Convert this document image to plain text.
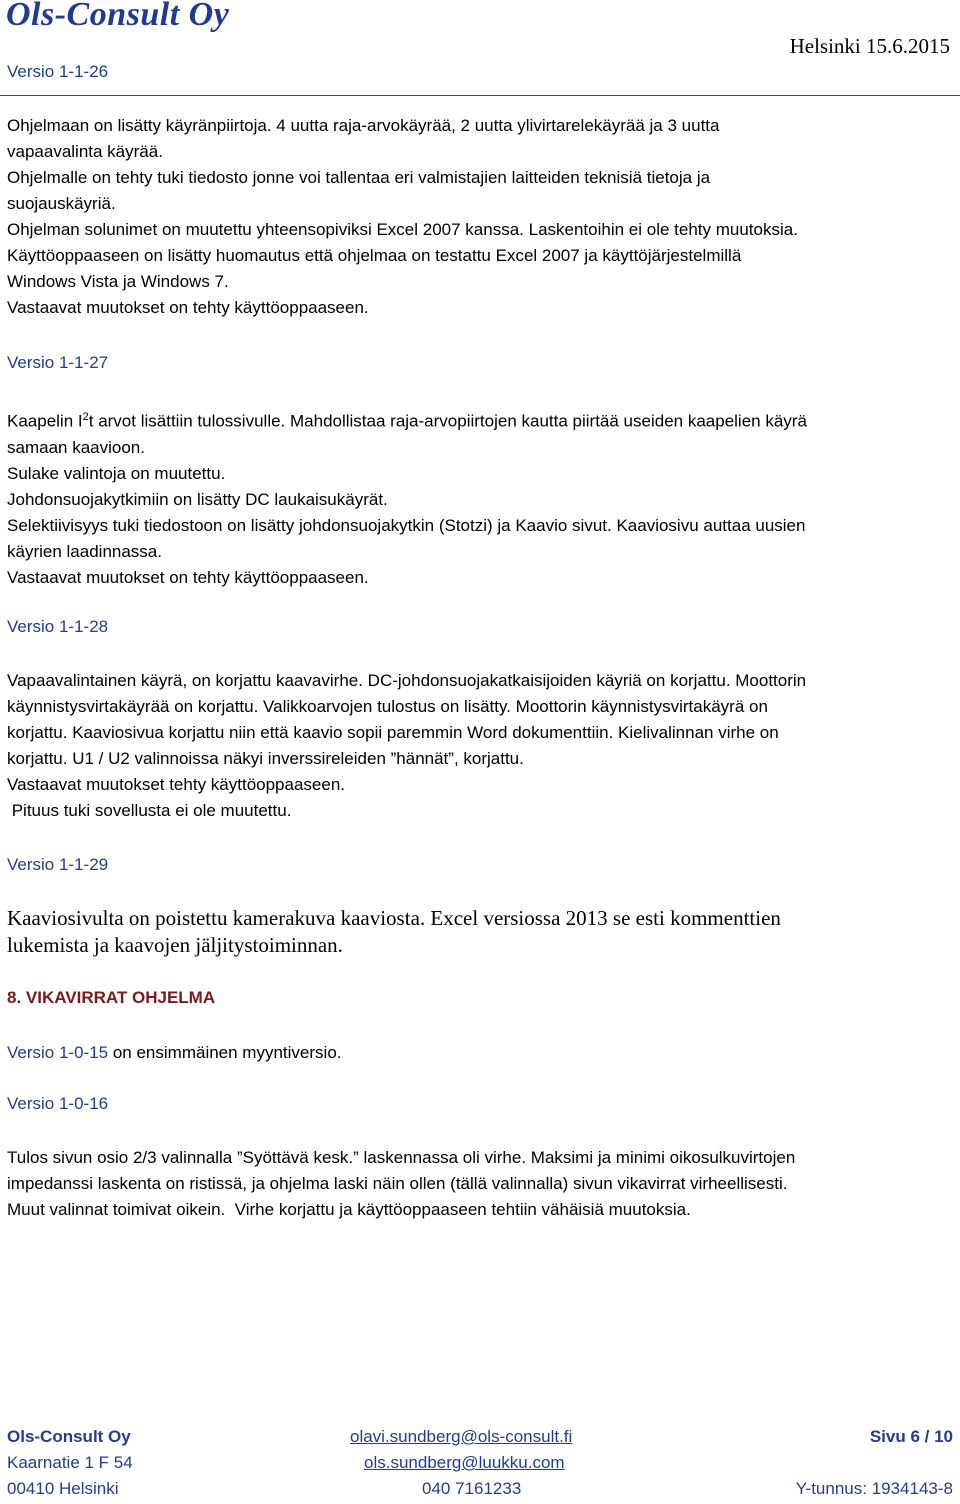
Ols-Consult Oy
Helsinki 15.6.2015
Versio 1-1-26
Ohjelmaan on lisätty käyränpiirtoja. 4 uutta raja-arvokäyrää, 2 uutta ylivirtarelekäyrää ja 3 uutta
vapaavalinta käyrää.
Ohjelmalle on tehty tuki tiedosto jonne voi tallentaa eri valmistajien laitteiden teknisiä tietoja ja
suojauskäyriä.
Ohjelman solunimet on muutettu yhteensopiviksi Excel 2007 kanssa. Laskentoihin ei ole tehty muutoksia.
Käyttöoppaaseen on lisätty huomautus että ohjelmaa on testattu Excel 2007 ja käyttöjärjestelmillä
Windows Vista ja Windows 7.
Vastaavat muutokset on tehty käyttöoppaaseen.
Versio 1-1-27
Kaapelin $I^2t$ arvot lisättiin tulossivulle. Mahdollistaa raja-arvopiirtojen kautta piirtää useiden kaapelien käyrä
samaan kaavioon.
Sulake valintoja on muutettu.
Johdonsuojakytkimiin on lisätty DC laukaisukäyrät.
Selektiivisyys tuki tiedostoon on lisätty johdonsuojakytkin (Stotzi) ja Kaavio sivut. Kaaviosivu auttaa uusien
käyrien laadinnassa.
Vastaavat muutokset on tehty käyttöoppaaseen.
Versio 1-1-28
Vapaavalintainen käyrä, on korjattu kaavavirhe. DC-johdonsuojakatkaisijoiden käyriä on korjattu. Moottorin
käynnistysvirtakäyrää on korjattu. Valikkoarvojen tulostus on lisätty. Moottorin käynnistysvirtakäyrä on
korjattu. Kaaviosivua korjattu niin että kaavio sopii paremmin Word dokumenttiin. Kielivalinnan virhe on
korjattu. U1 / U2 valinnoissa näkyi inverssireleiden ”hännät”, korjattu.
Vastaavat muutokset tehty käyttöoppaaseen.
Pituus tuki sovellusta ei ole muutettu.
Versio 1-1-29
Kaaviosivulta on poistettu kamerakuva kaaviosta. Excel versiossa 2013 se esti kommenttien
lukemista ja kaavojen jäljitystoiminnan.
8. VIKAVIRRAT OHJELMA
Versio 1-0-15 on ensimmäinen myyntiversio.
Versio 1-0-16
Tulos sivun osio 2/3 valinnalla ”Syöttävä kesk.” laskennassa oli virhe. Maksimi ja minimi oikosulkuvirtojen
impedanssi laskenta on ristissä, ja ohjelma laski näin ollen (tällä valinnalla) sivun vikavirrat virheellisesti.
Muut valinnat toimivat oikein.  Virhe korjattu ja käyttöoppaaseen tehtiin vähäisiä muutoksia.
Ols-Consult Oy
Kaarnatie 1 F 54
00410 Helsinki
olavi.sundberg@ols-consult.fi
ols.sundberg@luukku.com
040 7161233
Sivu 6 / 10
Y-tunnus: 1934143-8
